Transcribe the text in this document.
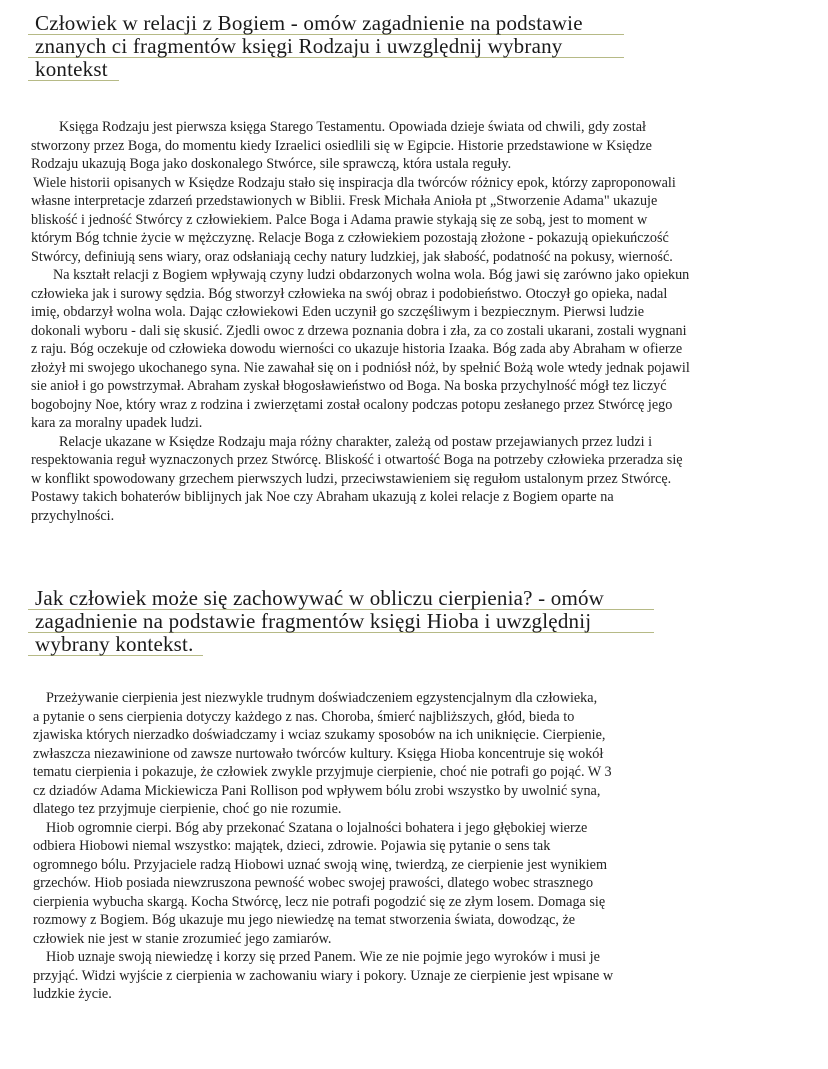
Człowiek w relacji z Bogiem - omów zagadnienie na podstawie
znanych ci fragmentów księgi Rodzaju i uwzględnij wybrany
kontekst
Księga Rodzaju jest pierwsza księga Starego Testamentu. Opowiada dzieje świata od chwili, gdy został
stworzony przez Boga, do momentu kiedy Izraelici osiedlili się w Egipcie. Historie przedstawione w Księdze
Rodzaju ukazują Boga jako doskonalego Stwórce, sile sprawczą, która ustala reguły.
Wiele historii opisanych w Księdze Rodzaju stało się inspiracja dla twórców różnicy epok, którzy zaproponowali
własne interpretacje zdarzeń przedstawionych w Biblii. Fresk Michała Anioła pt „Stworzenie Adama" ukazuje
bliskość i jedność Stwórcy z człowiekiem. Palce Boga i Adama prawie stykają się ze sobą, jest to moment w
którym Bóg tchnie życie w mężczyznę. Relacje Boga z człowiekiem pozostają złożone - pokazują opiekuńczość
Stwórcy, definiują sens wiary, oraz odsłaniają cechy natury ludzkiej, jak słabość, podatność na pokusy, wierność.
Na kształt relacji z Bogiem wpływają czyny ludzi obdarzonych wolna wola. Bóg jawi się zarówno jako opiekun
człowieka jak i surowy sędzia. Bóg stworzył człowieka na swój obraz i podobieństwo. Otoczył go opieka, nadal
imię, obdarzył wolna wola. Dając człowiekowi Eden uczynił go szczęśliwym i bezpiecznym. Pierwsi ludzie
dokonali wyboru - dali się skusić. Zjedli owoc z drzewa poznania dobra i zła, za co zostali ukarani, zostali wygnani
z raju. Bóg oczekuje od człowieka dowodu wierności co ukazuje historia Izaaka. Bóg zada aby Abraham w ofierze
złożył mi swojego ukochanego syna. Nie zawahał się on i podniósł nóż, by spełnić Bożą wole wtedy jednak pojawil
sie anioł i go powstrzymał. Abraham zyskał błogosławieństwo od Boga. Na boska przychylność mógł tez liczyć
bogobojny Noe, który wraz z rodzina i zwierzętami został ocalony podczas potopu zesłanego przez Stwórcę jego
kara za moralny upadek ludzi.
Relacje ukazane w Księdze Rodzaju maja różny charakter, zależą od postaw przejawianych przez ludzi i
respektowania reguł wyznaczonych przez Stwórcę. Bliskość i otwartość Boga na potrzeby człowieka przeradza się
w konflikt spowodowany grzechem pierwszych ludzi, przeciwstawieniem się regułom ustalonym przez Stwórcę.
Postawy takich bohaterów biblijnych jak Noe czy Abraham ukazują z kolei relacje z Bogiem oparte na
przychylności.
Jak człowiek może się zachowywać w obliczu cierpienia? - omów
zagadnienie na podstawie fragmentów księgi Hioba i uwzględnij
wybrany kontekst.
Przeżywanie cierpienia jest niezwykle trudnym doświadczeniem egzystencjalnym dla człowieka,
a pytanie o sens cierpienia dotyczy każdego z nas. Choroba, śmierć najbliższych, głód, bieda to
zjawiska których nierzadko doświadczamy i wciaz szukamy sposobów na ich uniknięcie. Cierpienie,
zwłaszcza niezawinione od zawsze nurtowało twórców kultury. Księga Hioba koncentruje się wokół
tematu cierpienia i pokazuje, że człowiek zwykle przyjmuje cierpienie, choć nie potrafi go pojąć. W 3
cz dziadów Adama Mickiewicza Pani Rollison pod wpływem bólu zrobi wszystko by uwolnić syna,
dlatego tez przyjmuje cierpienie, choć go nie rozumie.
Hiob ogromnie cierpi. Bóg aby przekonać Szatana o lojalności bohatera i jego głębokiej wierze
odbiera Hiobowi niemal wszystko: majątek, dzieci, zdrowie. Pojawia się pytanie o sens tak
ogromnego bólu. Przyjaciele radzą Hiobowi uznać swoją winę, twierdzą, ze cierpienie jest wynikiem
grzechów. Hiob posiada niewzruszona pewność wobec swojej prawości, dlatego wobec strasznego
cierpienia wybucha skargą. Kocha Stwórcę, lecz nie potrafi pogodzić się ze złym losem. Domaga się
rozmowy z Bogiem. Bóg ukazuje mu jego niewiedzę na temat stworzenia świata, dowodząc, że
człowiek nie jest w stanie zrozumieć jego zamiarów.
Hiob uznaje swoją niewiedzę i korzy się przed Panem. Wie ze nie pojmie jego wyroków i musi je
przyjąć. Widzi wyjście z cierpienia w zachowaniu wiary i pokory. Uznaje ze cierpienie jest wpisane w
ludzkie życie.
